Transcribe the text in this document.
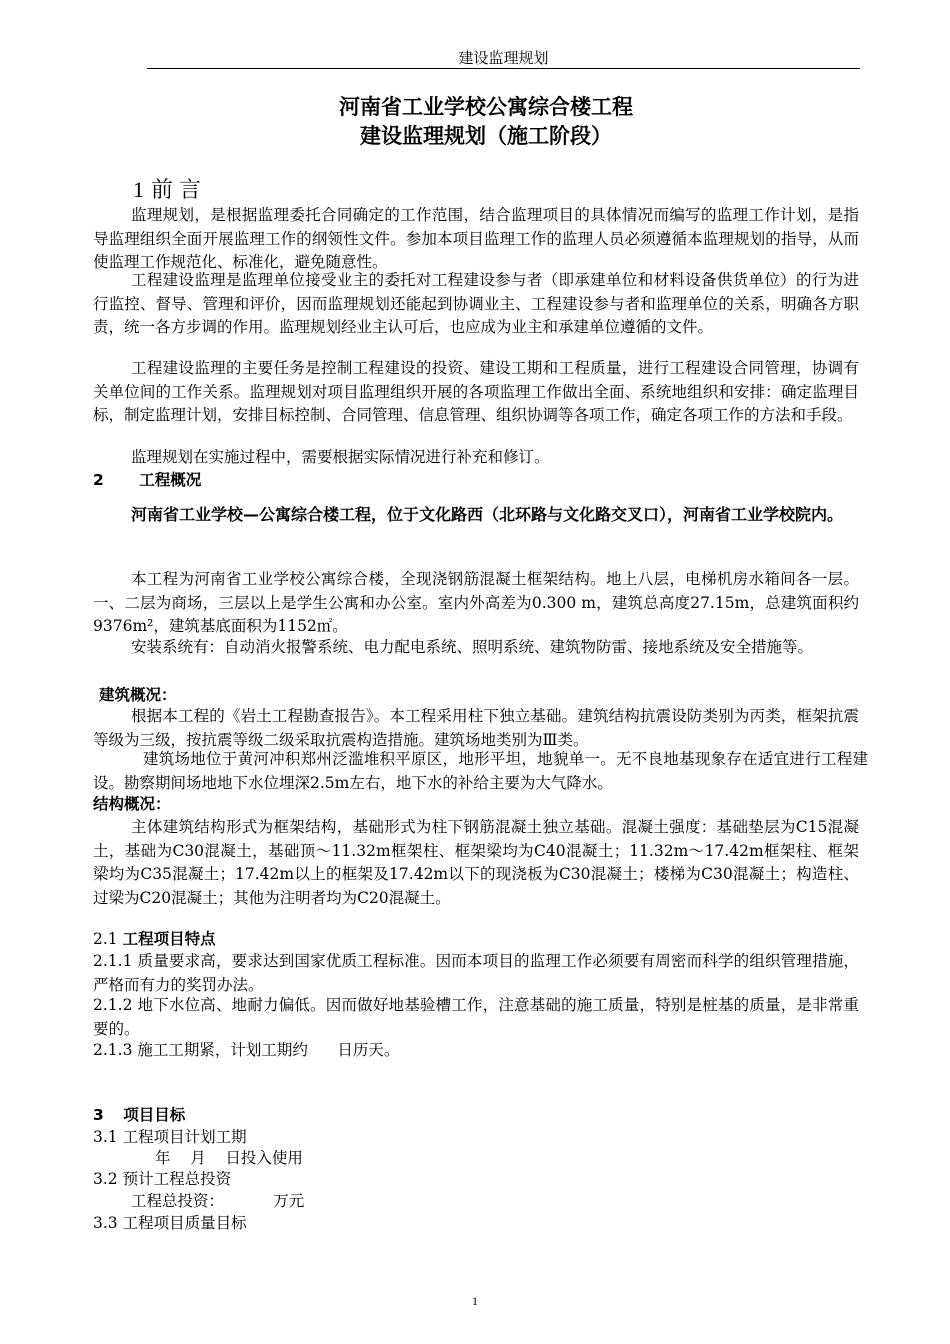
建设监理规划
河南省工业学校公寓综合楼工程
建设监理规划（施工阶段）
1 前言
监理规划，是根据监理委托合同确定的工作范围，结合监理项目的具体情况而编写的监理工作计划，是指导监理组织全面开展监理工作的纲领性文件。参加本项目监理工作的监理人员必须遵循本监理规划的指导，从而使监理工作规范化、标准化，避免随意性。
工程建设监理是监理单位接受业主的委托对工程建设参与者（即承建单位和材料设备供货单位）的行为进行监控、督导、管理和评价，因而监理规划还能起到协调业主、工程建设参与者和监理单位的关系，明确各方职责，统一各方步调的作用。监理规划经业主认可后，也应成为业主和承建单位遵循的文件。
工程建设监理的主要任务是控制工程建设的投资、建设工期和工程质量，进行工程建设合同管理，协调有关单位间的工作关系。监理规划对项目监理组织开展的各项监理工作做出全面、系统地组织和安排：确定监理目标，制定监理计划，安排目标控制、合同管理、信息管理、组织协调等各项工作，确定各项工作的方法和手段。
监理规划在实施过程中，需要根据实际情况进行补充和修订。
2 工程概况
河南省工业学校—公寓综合楼工程，位于文化路西（北环路与文化路交叉口），河南省工业学校院内。
本工程为河南省工业学校公寓综合楼，全现浇钢筋混凝土框架结构。地上八层，电梯机房水箱间各一层。一、二层为商场，三层以上是学生公寓和办公室。室内外高差为0.300 m，建筑总高度27.15m，总建筑面积约9376m²，建筑基底面积为1152㎡。
安装系统有：自动消火报警系统、电力配电系统、照明系统、建筑物防雷、接地系统及安全措施等。
建筑概况：
根据本工程的《岩土工程勘查报告》。本工程采用柱下独立基础。建筑结构抗震设防类别为丙类，框架抗震等级为三级，按抗震等级二级采取抗震构造措施。建筑场地类别为Ⅲ类。
建筑场地位于黄河冲积郑州泛滥堆积平原区，地形平坦，地貌单一。无不良地基现象存在适宜进行工程建设。勘察期间场地地下水位埋深2.5m左右，地下水的补给主要为大气降水。
结构概况：
主体建筑结构形式为框架结构，基础形式为柱下钢筋混凝土独立基础。混凝土强度：基础垫层为C15混凝土，基础为C30混凝土，基础顶～11.32m框架柱、框架梁均为C40混凝土；11.32m～17.42m框架柱、框架梁均为C35混凝土；17.42m以上的框架及17.42m以下的现浇板为C30混凝土；楼梯为C30混凝土；构造柱、过梁为C20混凝土；其他为注明者均为C20混凝土。
2.1 工程项目特点
2.1.1 质量要求高，要求达到国家优质工程标准。因而本项目的监理工作必须要有周密而科学的组织管理措施，严格而有力的奖罚办法。
2.1.2 地下水位高、地耐力偏低。因而做好地基验槽工作，注意基础的施工质量，特别是桩基的质量，是非常重要的。
2.1.3 施工工期紧，计划工期约      日历天。
3 项目目标
3.1 工程项目计划工期
年    月    日投入使用
3.2 预计工程总投资
工程总投资：          万元
3.3 工程项目质量目标
1
